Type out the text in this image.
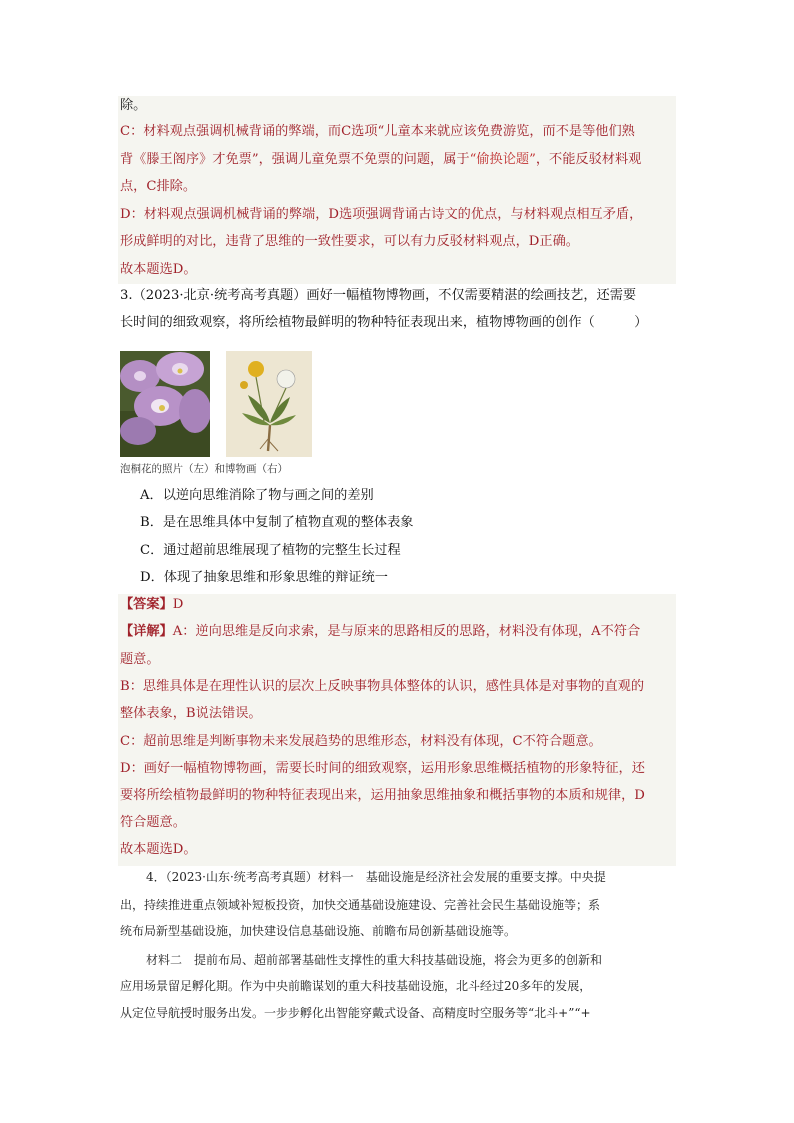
除。
C：材料观点强调机械背诵的弊端，而C选项“儿童本来就应该免费游览，而不是等他们熟
背《滕王阁序》才免票”，强调儿童免票不免票的问题，属于“偷换论题”，不能反驳材料观
点，C排除。
D：材料观点强调机械背诵的弊端，D选项强调背诵古诗文的优点，与材料观点相互矛盾，
形成鲜明的对比，违背了思维的一致性要求，可以有力反驳材料观点，D正确。
故本题选D。
3.（2023·北京·统考高考真题）画好一幅植物博物画，不仅需要精湛的绘画技艺，还需要
长时间的细致观察，将所绘植物最鲜明的物种特征表现出来，植物博物画的创作（　　　）
泡桐花的照片（左）和博物画（右）
A．以逆向思维消除了物与画之间的差别
B．是在思维具体中复制了植物直观的整体表象
C．通过超前思维展现了植物的完整生长过程
D．体现了抽象思维和形象思维的辩证统一
【答案】D
【详解】A：逆向思维是反向求索，是与原来的思路相反的思路，材料没有体现，A不符合
题意。
B：思维具体是在理性认识的层次上反映事物具体整体的认识，感性具体是对事物的直观的
整体表象，B说法错误。
C：超前思维是判断事物未来发展趋势的思维形态，材料没有体现，C不符合题意。
D：画好一幅植物博物画，需要长时间的细致观察，运用形象思维概括植物的形象特征，还
要将所绘植物最鲜明的物种特征表现出来，运用抽象思维抽象和概括事物的本质和规律，D
符合题意。
故本题选D。
4．（2023·山东·统考高考真题）材料一　基础设施是经济社会发展的重要支撑。中央提
出，持续推进重点领域补短板投资，加快交通基础设施建设、完善社会民生基础设施等；系
统布局新型基础设施，加快建设信息基础设施、前瞻布局创新基础设施等。
材料二　提前布局、超前部署基础性支撑性的重大科技基础设施，将会为更多的创新和
应用场景留足孵化期。作为中央前瞻谋划的重大科技基础设施，北斗经过20多年的发展，
从定位导航授时服务出发。一步步孵化出智能穿戴式设备、高精度时空服务等“北斗+”“+
